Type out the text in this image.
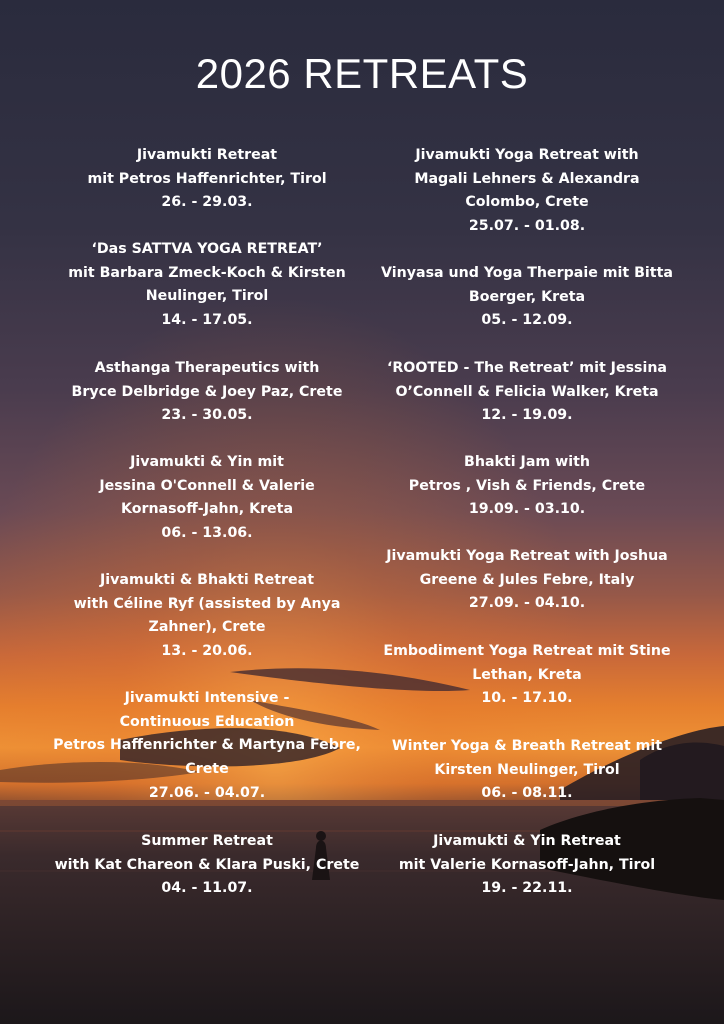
2026 RETREATS
Jivamukti Retreat
mit Petros Haffenrichter, Tirol
26. - 29.03.
‘Das SATTVA YOGA RETREAT’
mit Barbara Zmeck-Koch & Kirsten
Neulinger, Tirol
14. - 17.05.
Asthanga Therapeutics with
Bryce Delbridge & Joey Paz, Crete
23. - 30.05.
Jivamukti & Yin mit
Jessina O'Connell & Valerie
Kornasoff-Jahn, Kreta
06. - 13.06.
Jivamukti & Bhakti Retreat
with Céline Ryf (assisted by Anya
Zahner), Crete
13. - 20.06.
Jivamukti Intensive -
Continuous Education
Petros Haffenrichter & Martyna Febre,
Crete
27.06. - 04.07.
Summer Retreat
with Kat Chareon & Klara Puski, Crete
04. - 11.07.
Jivamukti Yoga Retreat with
Magali Lehners & Alexandra
Colombo, Crete
25.07. - 01.08.
Vinyasa und Yoga Therpaie mit Bitta
Boerger, Kreta
05. - 12.09.
‘ROOTED - The Retreat’ mit Jessina
O’Connell & Felicia Walker, Kreta
12. - 19.09.
Bhakti Jam with
Petros , Vish & Friends, Crete
19.09. - 03.10.
Jivamukti Yoga Retreat with Joshua
Greene & Jules Febre, Italy
27.09. - 04.10.
Embodiment Yoga Retreat mit Stine
Lethan, Kreta
10. - 17.10.
Winter Yoga & Breath Retreat mit
Kirsten Neulinger, Tirol
06. - 08.11.
Jivamukti & Yin Retreat
mit Valerie Kornasoff-Jahn, Tirol
19. - 22.11.
